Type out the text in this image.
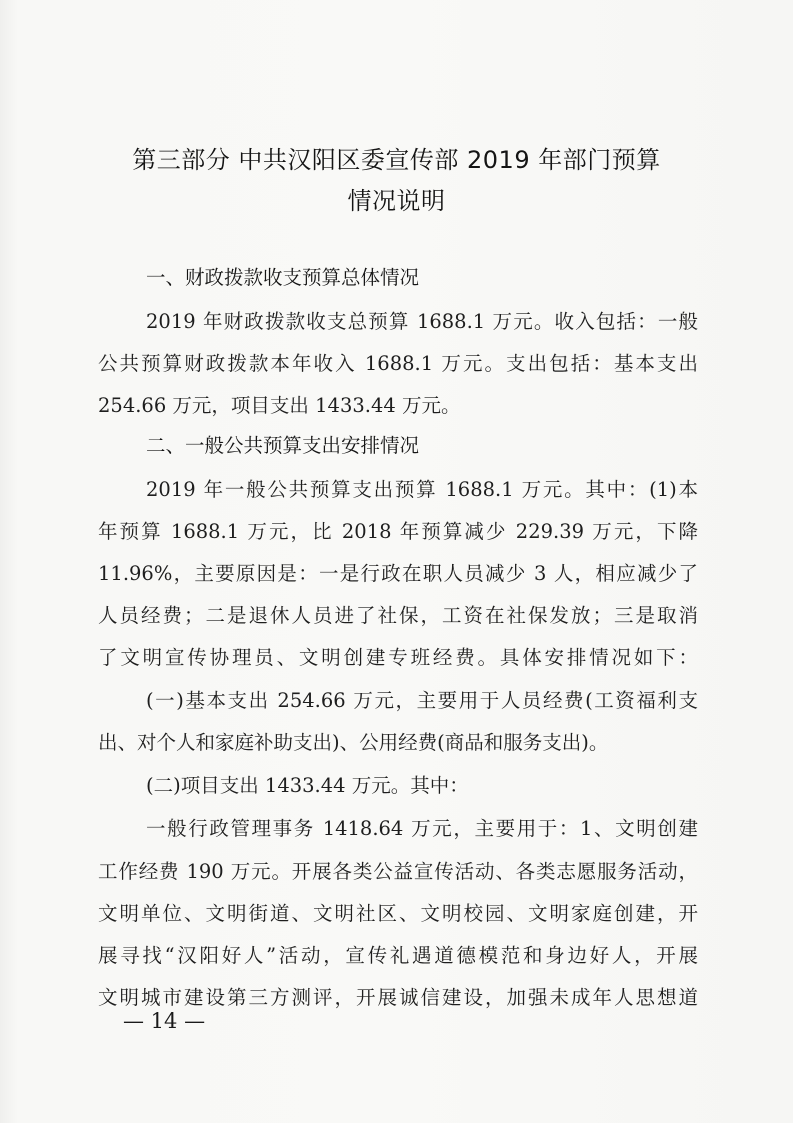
第三部分 中共汉阳区委宣传部 2019 年部门预算
情况说明
一、财政拨款收支预算总体情况
2019 年财政拨款收支总预算 1688.1 万元。收入包括：一般
公共预算财政拨款本年收入 1688.1 万元。支出包括：基本支出
254.66 万元，项目支出 1433.44 万元。
二、一般公共预算支出安排情况
2019 年一般公共预算支出预算 1688.1 万元。其中：(1)本
年预算 1688.1 万元，比 2018 年预算减少 229.39 万元，下降
11.96%，主要原因是：一是行政在职人员减少 3 人，相应减少了
人员经费；二是退休人员进了社保，工资在社保发放；三是取消
了文明宣传协理员、文明创建专班经费。具体安排情况如下：
(一)基本支出 254.66 万元，主要用于人员经费(工资福利支
出、对个人和家庭补助支出)、公用经费(商品和服务支出)。
(二)项目支出 1433.44 万元。其中：
一般行政管理事务 1418.64 万元，主要用于：1、文明创建
工作经费 190 万元。开展各类公益宣传活动、各类志愿服务活动，
文明单位、文明街道、文明社区、文明校园、文明家庭创建，开
展寻找“汉阳好人”活动，宣传礼遇道德模范和身边好人，开展
文明城市建设第三方测评，开展诚信建设，加强未成年人思想道
— 14 —
